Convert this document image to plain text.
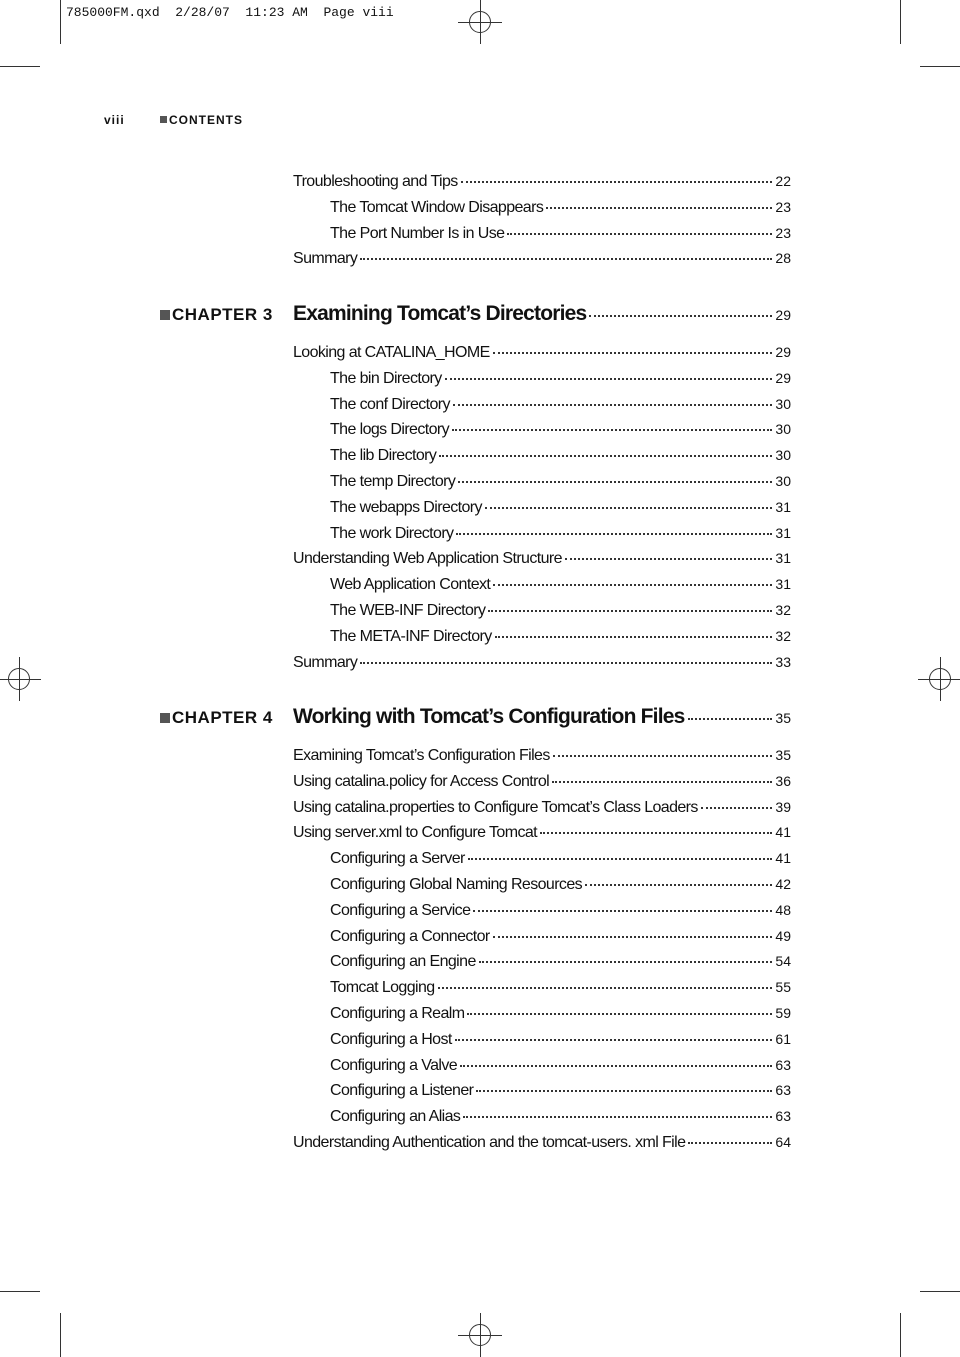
785000FM.qxd  2/28/07  11:23 AM  Page viii
viii	CONTENTS
Troubleshooting and Tips	22
The Tomcat Window Disappears	23
The Port Number Is in Use	23
Summary	28
CHAPTER 3 Examining Tomcat’s Directories	29
Looking at CATALINA_HOME	29
The bin Directory	29
The conf Directory	30
The logs Directory	30
The lib Directory	30
The temp Directory	30
The webapps Directory	31
The work Directory	31
Understanding Web Application Structure	31
Web Application Context	31
The WEB-INF Directory	32
The META-INF Directory	32
Summary	33
CHAPTER 4 Working with Tomcat’s Configuration Files	35
Examining Tomcat’s Configuration Files	35
Using catalina.policy for Access Control	36
Using catalina.properties to Configure Tomcat’s Class Loaders	39
Using server.xml to Configure Tomcat	41
Configuring a Server	41
Configuring Global Naming Resources	42
Configuring a Service	48
Configuring a Connector	49
Configuring an Engine	54
Tomcat Logging	55
Configuring a Realm	59
Configuring a Host	61
Configuring a Valve	63
Configuring a Listener	63
Configuring an Alias	63
Understanding Authentication and the tomcat-users. xml File	64
